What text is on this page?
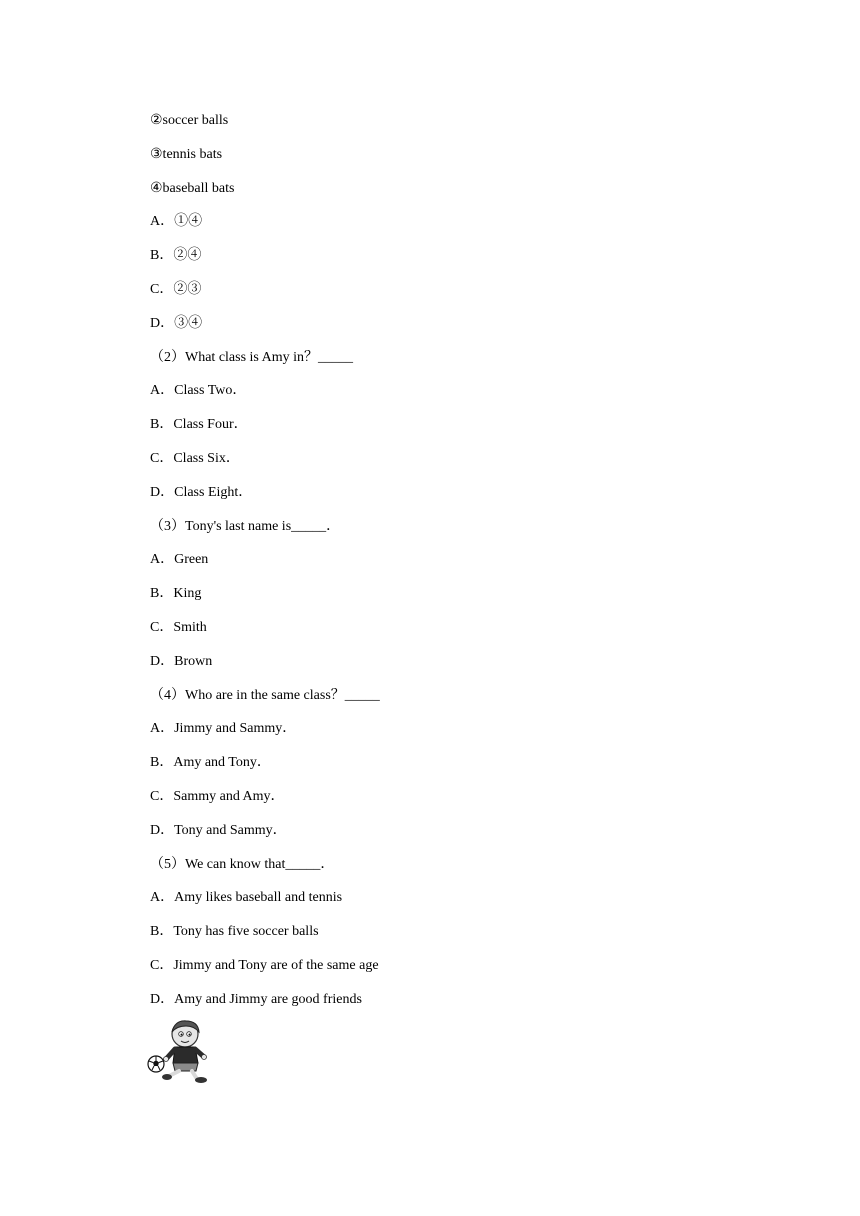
②soccer balls
③tennis bats
④baseball bats
A．①④
B．②④
C．②③
D．③④
（2）What class is Amy in？_____
A．Class Two．
B．Class Four．
C．Class Six．
D．Class Eight．
（3）Tony's last name is_____．
A．Green
B．King
C．Smith
D．Brown
（4）Who are in the same class？_____
A．Jimmy and Sammy．
B．Amy and Tony．
C．Sammy and Amy．
D．Tony and Sammy．
（5）We can know that_____．
A．Amy likes baseball and tennis
B．Tony has five soccer balls
C．Jimmy and Tony are of the same age
D．Amy and Jimmy are good friends
